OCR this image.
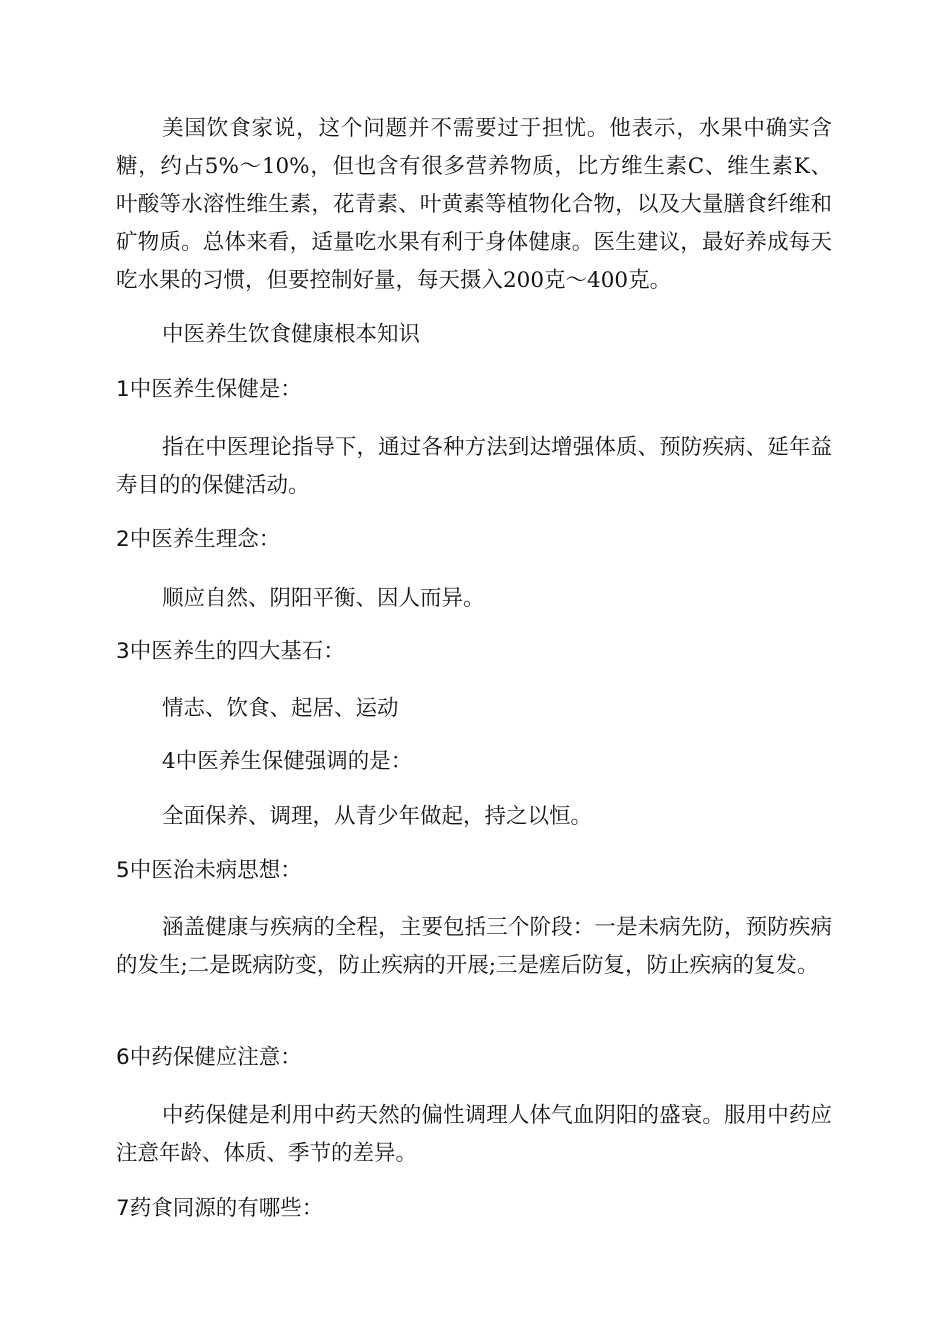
美国饮食家说，这个问题并不需要过于担忧。他表示，水果中确实含糖，约占5%～10%，但也含有很多营养物质，比方维生素C、维生素K、叶酸等水溶性维生素，花青素、叶黄素等植物化合物，以及大量膳食纤维和矿物质。总体来看，适量吃水果有利于身体健康。医生建议，最好养成每天吃水果的习惯，但要控制好量，每天摄入200克～400克。

中医养生饮食健康根本知识

1中医养生保健是：

指在中医理论指导下，通过各种方法到达增强体质、预防疾病、延年益寿目的的保健活动。

2中医养生理念：

顺应自然、阴阳平衡、因人而异。

3中医养生的四大基石：

情志、饮食、起居、运动

4中医养生保健强调的是：

全面保养、调理，从青少年做起，持之以恒。

5中医治未病思想：

涵盖健康与疾病的全程，主要包括三个阶段：一是未病先防，预防疾病的发生;二是既病防变，防止疾病的开展;三是瘥后防复，防止疾病的复发。

6中药保健应注意：

中药保健是利用中药天然的偏性调理人体气血阴阳的盛衰。服用中药应注意年龄、体质、季节的差异。

7药食同源的有哪些：
